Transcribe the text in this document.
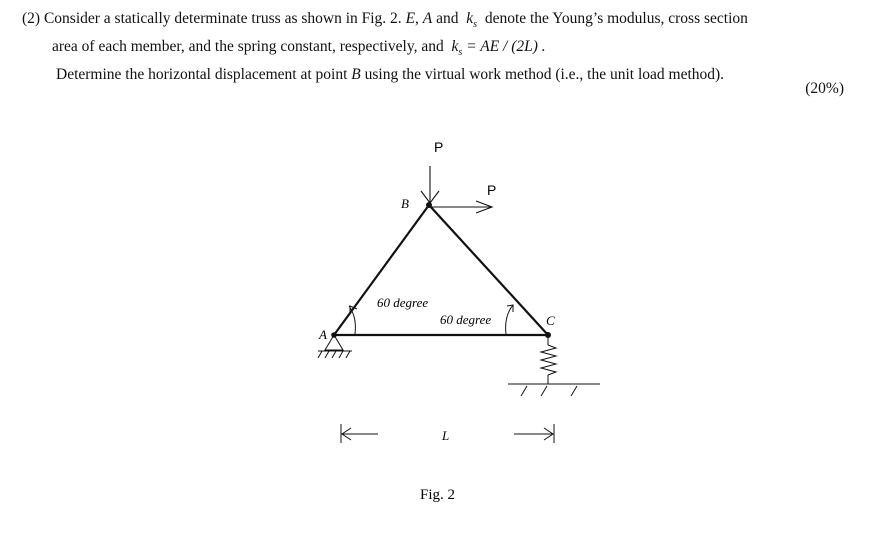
(2) Consider a statically determinate truss as shown in Fig. 2. E, A and $k_s$ denote the Young’s modulus, cross section
area of each member, and the spring constant, respectively, and $k_s$ = AE / (2L) .
Determine the horizontal displacement at point B using the virtual work method (i.e., the unit load method).
(20%)
P
P
B
A
C
60 degree
60 degree
L
Fig. 2
